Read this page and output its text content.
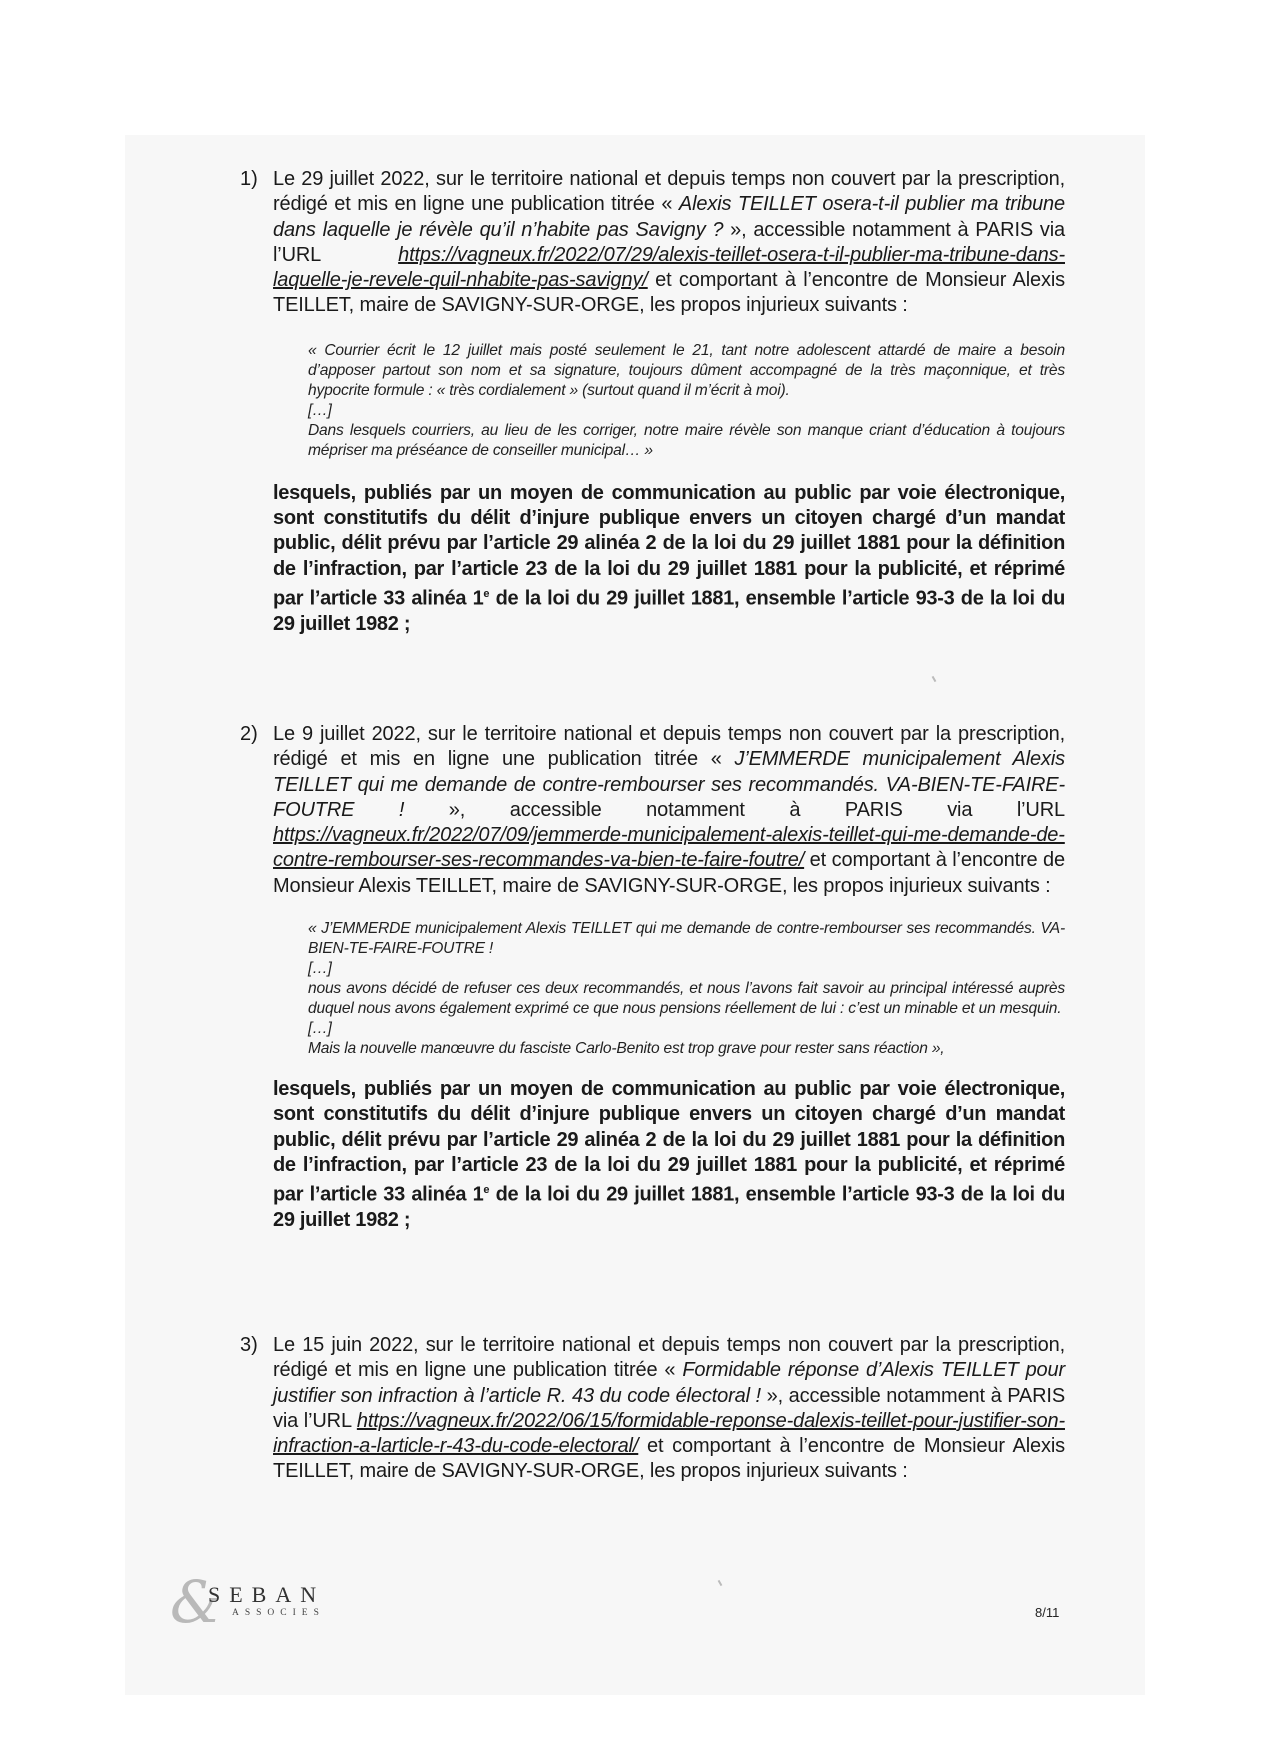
1) Le 29 juillet 2022, sur le territoire national et depuis temps non couvert par la prescription, rédigé et mis en ligne une publication titrée « Alexis TEILLET osera-t-il publier ma tribune dans laquelle je révèle qu’il n’habite pas Savigny ? », accessible notamment à PARIS via l’URL https://vagneux.fr/2022/07/29/alexis-teillet-osera-t-il-publier-ma-tribune-dans-laquelle-je-revele-quil-nhabite-pas-savigny/ et comportant à l’encontre de Monsieur Alexis TEILLET, maire de SAVIGNY-SUR-ORGE, les propos injurieux suivants :

« Courrier écrit le 12 juillet mais posté seulement le 21, tant notre adolescent attardé de maire a besoin d’apposer partout son nom et sa signature, toujours dûment accompagné de la très maçonnique, et très hypocrite formule : « très cordialement » (surtout quand il m’écrit à moi).

[…]

Dans lesquels courriers, au lieu de les corriger, notre maire révèle son manque criant d’éducation à toujours mépriser ma préséance de conseiller municipal… »

lesquels, publiés par un moyen de communication au public par voie électronique, sont constitutifs du délit d’injure publique envers un citoyen chargé d’un mandat public, délit prévu par l’article 29 alinéa 2 de la loi du 29 juillet 1881 pour la définition de l’infraction, par l’article 23 de la loi du 29 juillet 1881 pour la publicité, et réprimé par l’article 33 alinéa 1e de la loi du 29 juillet 1881, ensemble l’article 93-3 de la loi du 29 juillet 1982 ;
2) Le 9 juillet 2022, sur le territoire national et depuis temps non couvert par la prescription, rédigé et mis en ligne une publication titrée « J’EMMERDE municipalement Alexis TEILLET qui me demande de contre-rembourser ses recommandés. VA-BIEN-TE-FAIRE-FOUTRE ! », accessible notamment à PARIS via l’URL https://vagneux.fr/2022/07/09/jemmerde-municipalement-alexis-teillet-qui-me-demande-de-contre-rembourser-ses-recommandes-va-bien-te-faire-foutre/ et comportant à l’encontre de Monsieur Alexis TEILLET, maire de SAVIGNY-SUR-ORGE, les propos injurieux suivants :

« J’EMMERDE municipalement Alexis TEILLET qui me demande de contre-rembourser ses recommandés. VA-BIEN-TE-FAIRE-FOUTRE !

[…]

nous avons décidé de refuser ces deux recommandés, et nous l’avons fait savoir au principal intéressé auprès duquel nous avons également exprimé ce que nous pensions réellement de lui : c’est un minable et un mesquin.

[…]

Mais la nouvelle manœuvre du fasciste Carlo-Benito est trop grave pour rester sans réaction »,

lesquels, publiés par un moyen de communication au public par voie électronique, sont constitutifs du délit d’injure publique envers un citoyen chargé d’un mandat public, délit prévu par l’article 29 alinéa 2 de la loi du 29 juillet 1881 pour la définition de l’infraction, par l’article 23 de la loi du 29 juillet 1881 pour la publicité, et réprimé par l’article 33 alinéa 1e de la loi du 29 juillet 1881, ensemble l’article 93-3 de la loi du 29 juillet 1982 ;
3) Le 15 juin 2022, sur le territoire national et depuis temps non couvert par la prescription, rédigé et mis en ligne une publication titrée « Formidable réponse d’Alexis TEILLET pour justifier son infraction à l’article R. 43 du code électoral ! », accessible notamment à PARIS via l’URL https://vagneux.fr/2022/06/15/formidable-reponse-dalexis-teillet-pour-justifier-son-infraction-a-larticle-r-43-du-code-electoral/ et comportant à l’encontre de Monsieur Alexis TEILLET, maire de SAVIGNY-SUR-ORGE, les propos injurieux suivants :
&
SEBAN
ASSOCIES	8/11
